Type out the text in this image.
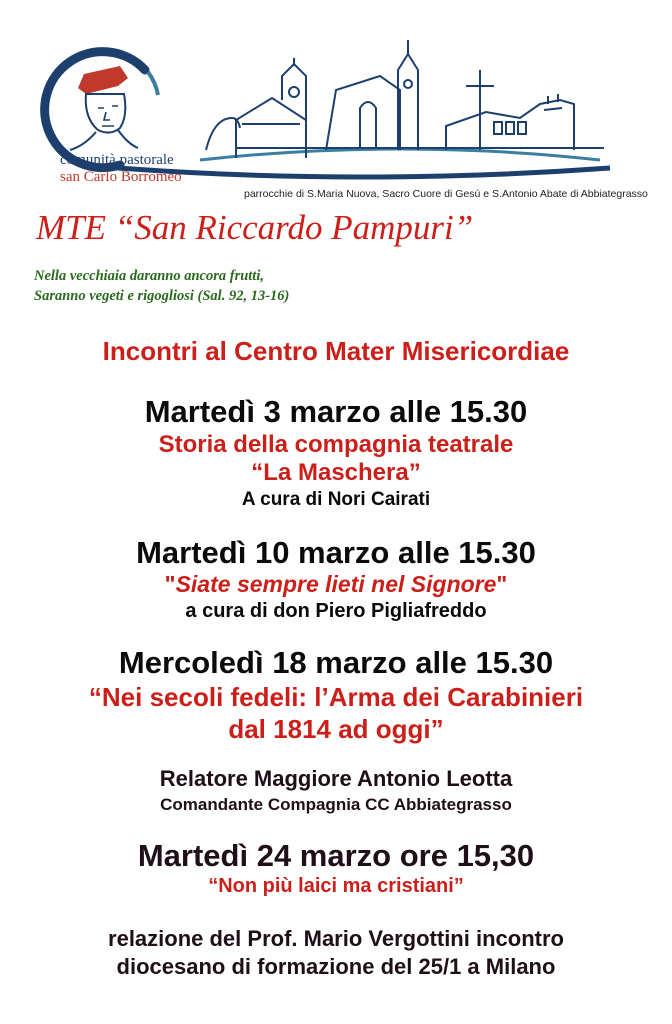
comunità pastorale
san Carlo Borromeo
parrocchie di S.Maria Nuova, Sacro Cuore di Gesù e S.Antonio Abate di Abbiategrasso
MTE “San Riccardo Pampuri”
Nella vecchiaia daranno ancora frutti,
Saranno vegeti e rigogliosi (Sal. 92, 13-16)
Incontri al Centro Mater Misericordiae
Martedì 3 marzo alle 15.30
Storia della compagnia teatrale
“La Maschera”
A cura di Nori Cairati
Martedì 10 marzo alle 15.30
"Siate sempre lieti nel Signore"
a cura di don Piero Pigliafreddo
Mercoledì 18 marzo alle 15.30
“Nei secoli fedeli: l’Arma dei Carabinieri
dal 1814 ad oggi”
Relatore Maggiore Antonio Leotta
Comandante Compagnia CC Abbiategrasso
Martedì 24 marzo ore 15,30
“Non più laici ma cristiani”
relazione del Prof. Mario Vergottini incontro
diocesano di formazione del 25/1 a Milano
